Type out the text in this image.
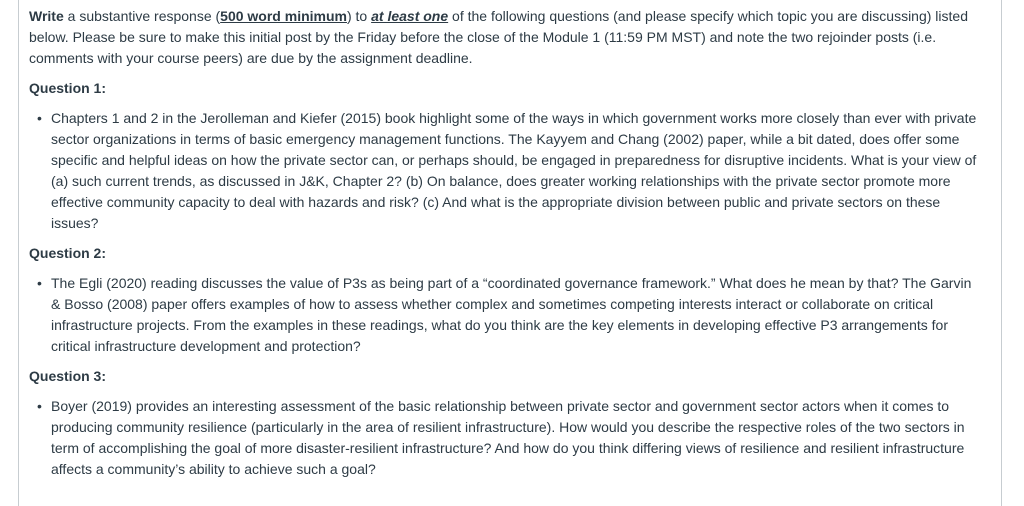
Write a substantive response (500 word minimum) to at least one of the following questions (and please specify which topic you are discussing) listed below. Please be sure to make this initial post by the Friday before the close of the Module 1 (11:59 PM MST) and note the two rejoinder posts (i.e. comments with your course peers) are due by the assignment deadline.

Question 1:
• Chapters 1 and 2 in the Jerolleman and Kiefer (2015) book highlight some of the ways in which government works more closely than ever with private sector organizations in terms of basic emergency management functions. The Kayyem and Chang (2002) paper, while a bit dated, does offer some specific and helpful ideas on how the private sector can, or perhaps should, be engaged in preparedness for disruptive incidents. What is your view of (a) such current trends, as discussed in J&K, Chapter 2? (b) On balance, does greater working relationships with the private sector promote more effective community capacity to deal with hazards and risk? (c) And what is the appropriate division between public and private sectors on these issues?
Question 2:
• The Egli (2020) reading discusses the value of P3s as being part of a “coordinated governance framework.” What does he mean by that? The Garvin & Bosso (2008) paper offers examples of how to assess whether complex and sometimes competing interests interact or collaborate on critical infrastructure projects. From the examples in these readings, what do you think are the key elements in developing effective P3 arrangements for critical infrastructure development and protection?
Question 3:
• Boyer (2019) provides an interesting assessment of the basic relationship between private sector and government sector actors when it comes to producing community resilience (particularly in the area of resilient infrastructure). How would you describe the respective roles of the two sectors in term of accomplishing the goal of more disaster-resilient infrastructure? And how do you think differing views of resilience and resilient infrastructure affects a community’s ability to achieve such a goal?
